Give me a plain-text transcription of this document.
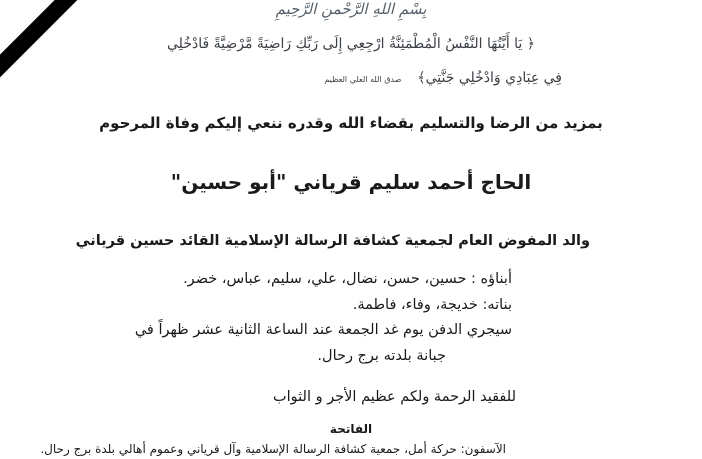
بِسْمِ اللهِ الرَّحْمنِ الرَّحِيمِ
﴿ يَا أَيَّتُهَا النَّفْسُ الْمُطْمَئِنَّةُ ارْجِعِي إِلَى رَبِّكِ رَاضِيَةً مَّرْضِيَّةً فَادْخُلِي
فِي عِبَادِي وَادْخُلِي جَنَّتِي﴾
صدق الله العلي العظيم
بمزيد من الرضا والتسليم بقضاء الله وقدره ننعي إليكم وفاة المرحوم
الحاج أحمد سليم قرياني "أبو حسين"
والد المفوض العام لجمعية كشافة الرسالة الإسلامية القائد حسين قرياني
أبناؤه : حسين، حسن، نضال، علي، سليم، عباس، خضر.
بناته: خديجة، وفاء، فاطمة.
سيجري الدفن يوم غد الجمعة عند الساعة الثانية عشر ظهراً في
جبانة بلدته برج رحال.
للفقيد الرحمة ولكم عظيم الأجر و الثواب
الفاتحة
الآسفون: حركة أمل، جمعية كشافة الرسالة الإسلامية وآل قرياني وعموم أهالي بلدة برج رحال.
